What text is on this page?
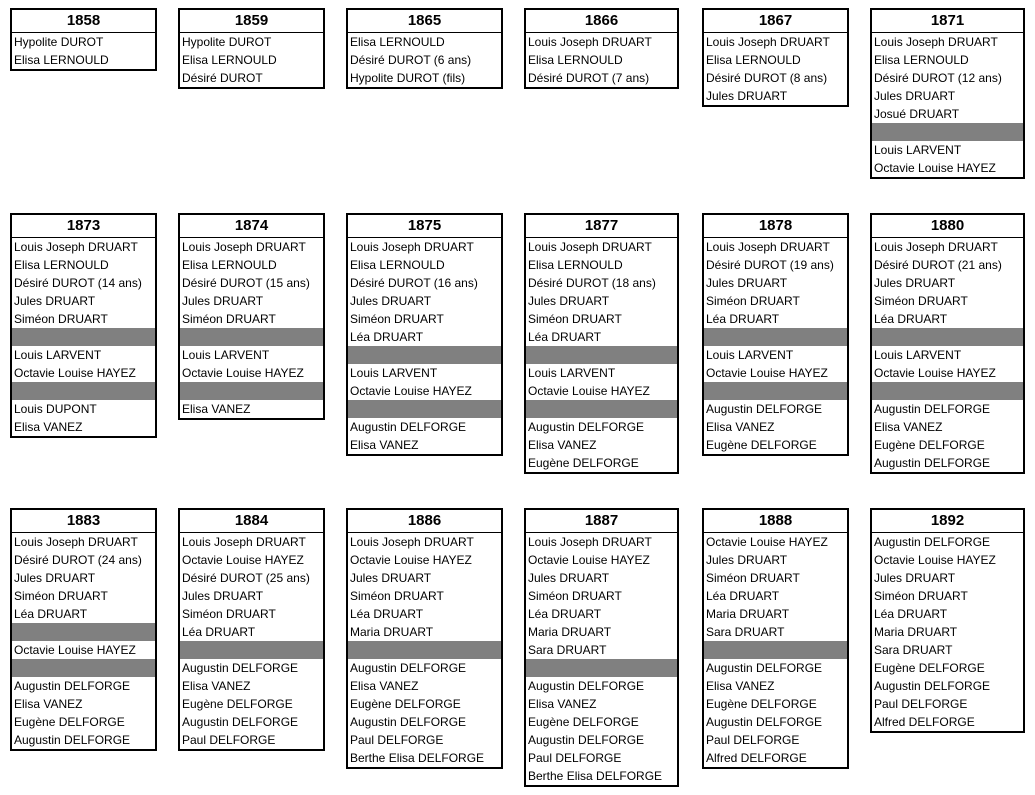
1858
Hypolite DUROT
Elisa LERNOULD
1859
Hypolite DUROT
Elisa LERNOULD
Désiré DUROT
1865
Elisa LERNOULD
Désiré DUROT (6 ans)
Hypolite DUROT (fils)
1866
Louis Joseph DRUART
Elisa LERNOULD
Désiré DUROT (7 ans)
1867
Louis Joseph DRUART
Elisa LERNOULD
Désiré DUROT (8 ans)
Jules DRUART
1871
Louis Joseph DRUART
Elisa LERNOULD
Désiré DUROT (12 ans)
Jules DRUART
Josué DRUART
Louis LARVENT
Octavie Louise HAYEZ
1873
Louis Joseph DRUART
Elisa LERNOULD
Désiré DUROT (14 ans)
Jules DRUART
Siméon DRUART
Louis LARVENT
Octavie Louise HAYEZ
Louis DUPONT
Elisa VANEZ
1874
Louis Joseph DRUART
Elisa LERNOULD
Désiré DUROT (15 ans)
Jules DRUART
Siméon DRUART
Louis LARVENT
Octavie Louise HAYEZ
Elisa VANEZ
1875
Louis Joseph DRUART
Elisa LERNOULD
Désiré DUROT (16 ans)
Jules DRUART
Siméon DRUART
Léa DRUART
Louis LARVENT
Octavie Louise HAYEZ
Augustin DELFORGE
Elisa VANEZ
1877
Louis Joseph DRUART
Elisa LERNOULD
Désiré DUROT (18 ans)
Jules DRUART
Siméon DRUART
Léa DRUART
Louis LARVENT
Octavie Louise HAYEZ
Augustin DELFORGE
Elisa VANEZ
Eugène DELFORGE
1878
Louis Joseph DRUART
Désiré DUROT (19 ans)
Jules DRUART
Siméon DRUART
Léa DRUART
Louis LARVENT
Octavie Louise HAYEZ
Augustin DELFORGE
Elisa VANEZ
Eugène DELFORGE
1880
Louis Joseph DRUART
Désiré DUROT (21 ans)
Jules DRUART
Siméon DRUART
Léa DRUART
Louis LARVENT
Octavie Louise HAYEZ
Augustin DELFORGE
Elisa VANEZ
Eugène DELFORGE
Augustin DELFORGE
1883
Louis Joseph DRUART
Désiré DUROT (24 ans)
Jules DRUART
Siméon DRUART
Léa DRUART
Octavie Louise HAYEZ
Augustin DELFORGE
Elisa VANEZ
Eugène DELFORGE
Augustin DELFORGE
1884
Louis Joseph DRUART
Octavie Louise HAYEZ
Désiré DUROT (25 ans)
Jules DRUART
Siméon DRUART
Léa DRUART
Augustin DELFORGE
Elisa VANEZ
Eugène DELFORGE
Augustin DELFORGE
Paul DELFORGE
1886
Louis Joseph DRUART
Octavie Louise HAYEZ
Jules DRUART
Siméon DRUART
Léa DRUART
Maria DRUART
Augustin DELFORGE
Elisa VANEZ
Eugène DELFORGE
Augustin DELFORGE
Paul DELFORGE
Berthe Elisa DELFORGE
1887
Louis Joseph DRUART
Octavie Louise HAYEZ
Jules DRUART
Siméon DRUART
Léa DRUART
Maria DRUART
Sara DRUART
Augustin DELFORGE
Elisa VANEZ
Eugène DELFORGE
Augustin DELFORGE
Paul DELFORGE
Berthe Elisa DELFORGE
1888
Octavie Louise HAYEZ
Jules DRUART
Siméon DRUART
Léa DRUART
Maria DRUART
Sara DRUART
Augustin DELFORGE
Elisa VANEZ
Eugène DELFORGE
Augustin DELFORGE
Paul DELFORGE
Alfred DELFORGE
1892
Augustin DELFORGE
Octavie Louise HAYEZ
Jules DRUART
Siméon DRUART
Léa DRUART
Maria DRUART
Sara DRUART
Eugène DELFORGE
Augustin DELFORGE
Paul DELFORGE
Alfred DELFORGE
